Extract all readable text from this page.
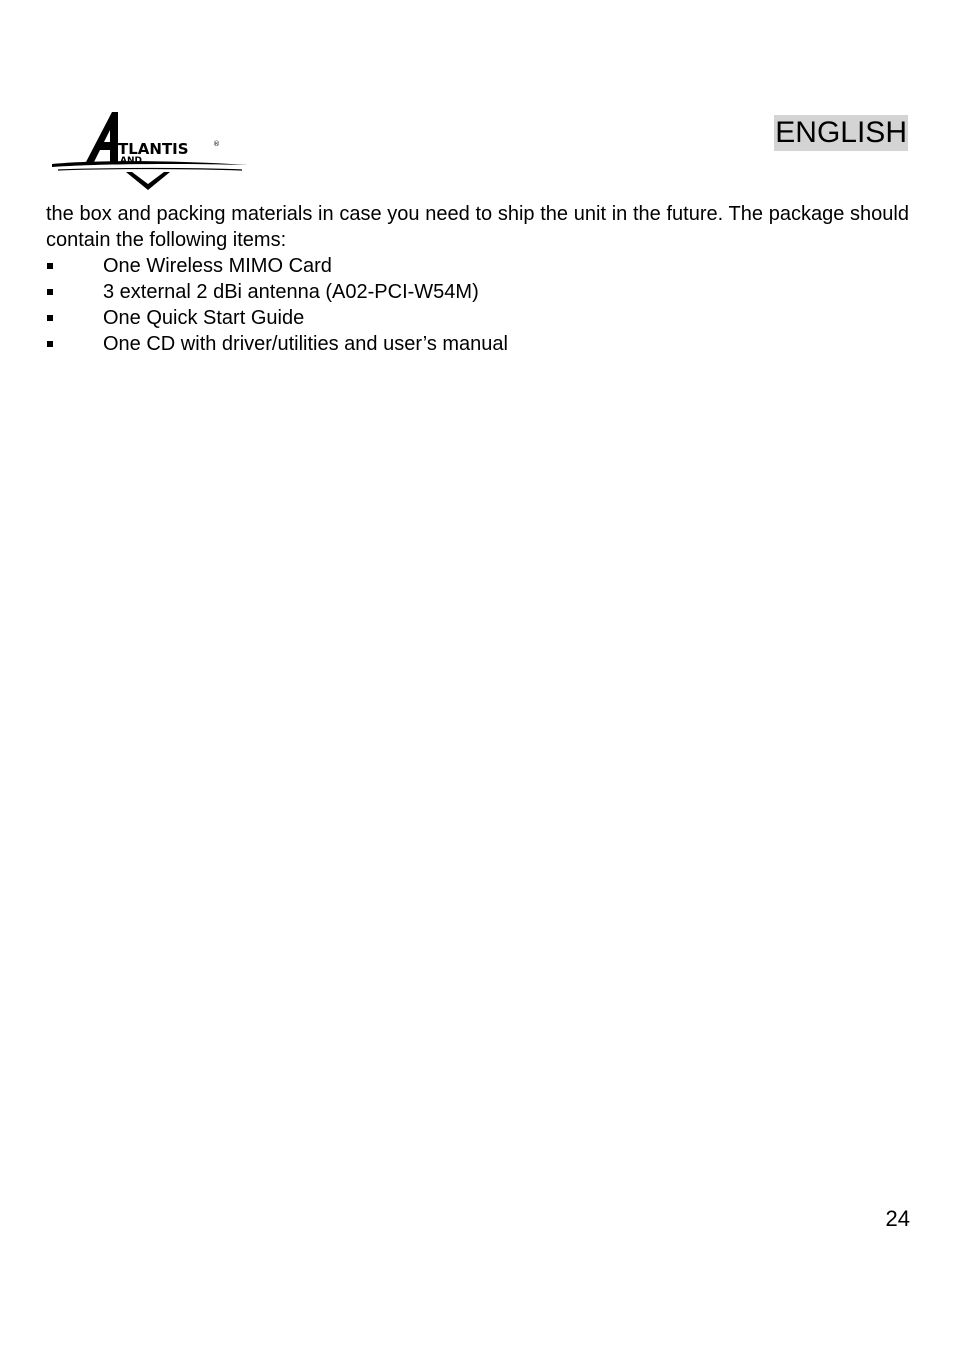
TLANTIS
AND
®	ENGLISH

the box and packing materials in case you need to ship the unit in the future. The package should contain the following items:

One Wireless MIMO Card
3 external 2 dBi antenna (A02-PCI-W54M)
One Quick Start Guide
One CD with driver/utilities and user’s manual
24
